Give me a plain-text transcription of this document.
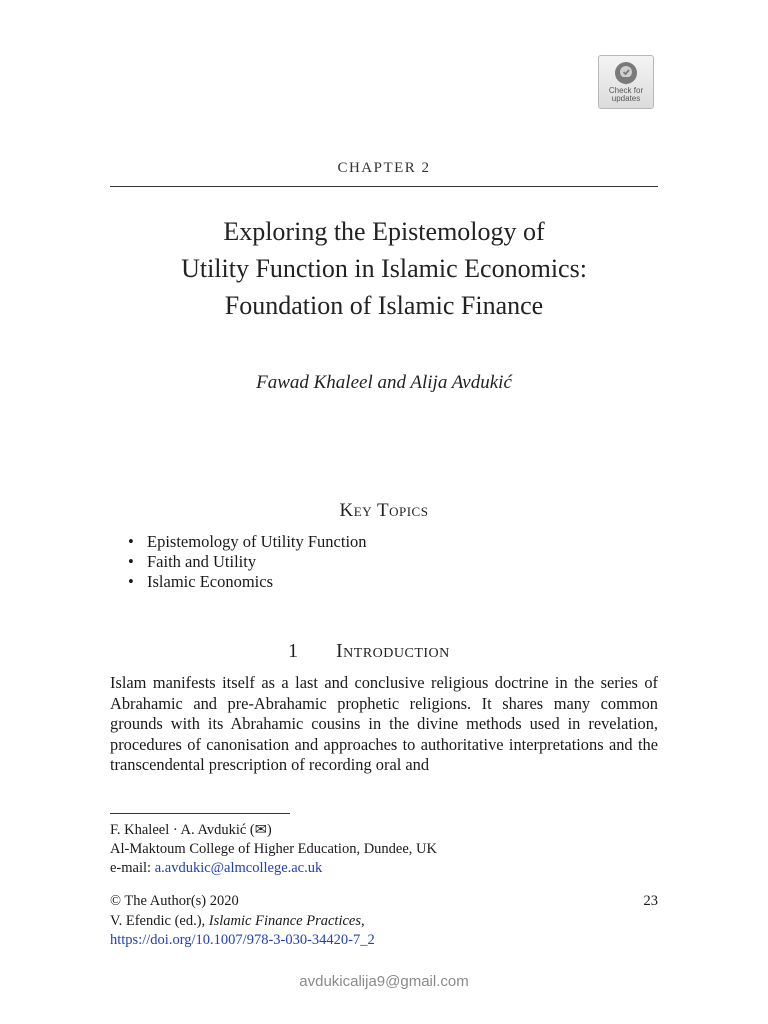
Check for
updates
CHAPTER 2
Exploring the Epistemology of
Utility Function in Islamic Economics:
Foundation of Islamic Finance
Fawad Khaleel and Alija Avdukić
Key Topics
• Epistemology of Utility Function
• Faith and Utility
• Islamic Economics
1 Introduction

Islam manifests itself as a last and conclusive religious doctrine in the series of Abrahamic and pre-Abrahamic prophetic religions. It shares many common grounds with its Abrahamic cousins in the divine methods used in revelation, procedures of canonisation and approaches to authoritative interpretations and the transcendental prescription of recording oral and

F. Khaleel · A. Avdukić (✉)
Al-Maktoum College of Higher Education, Dundee, UK
e-mail: a.avdukic@almcollege.ac.uk
© The Author(s) 2020
V. Efendic (ed.), Islamic Finance Practices,
https://doi.org/10.1007/978-3-030-34420-7_2
23
avdukicalija9@gmail.com
